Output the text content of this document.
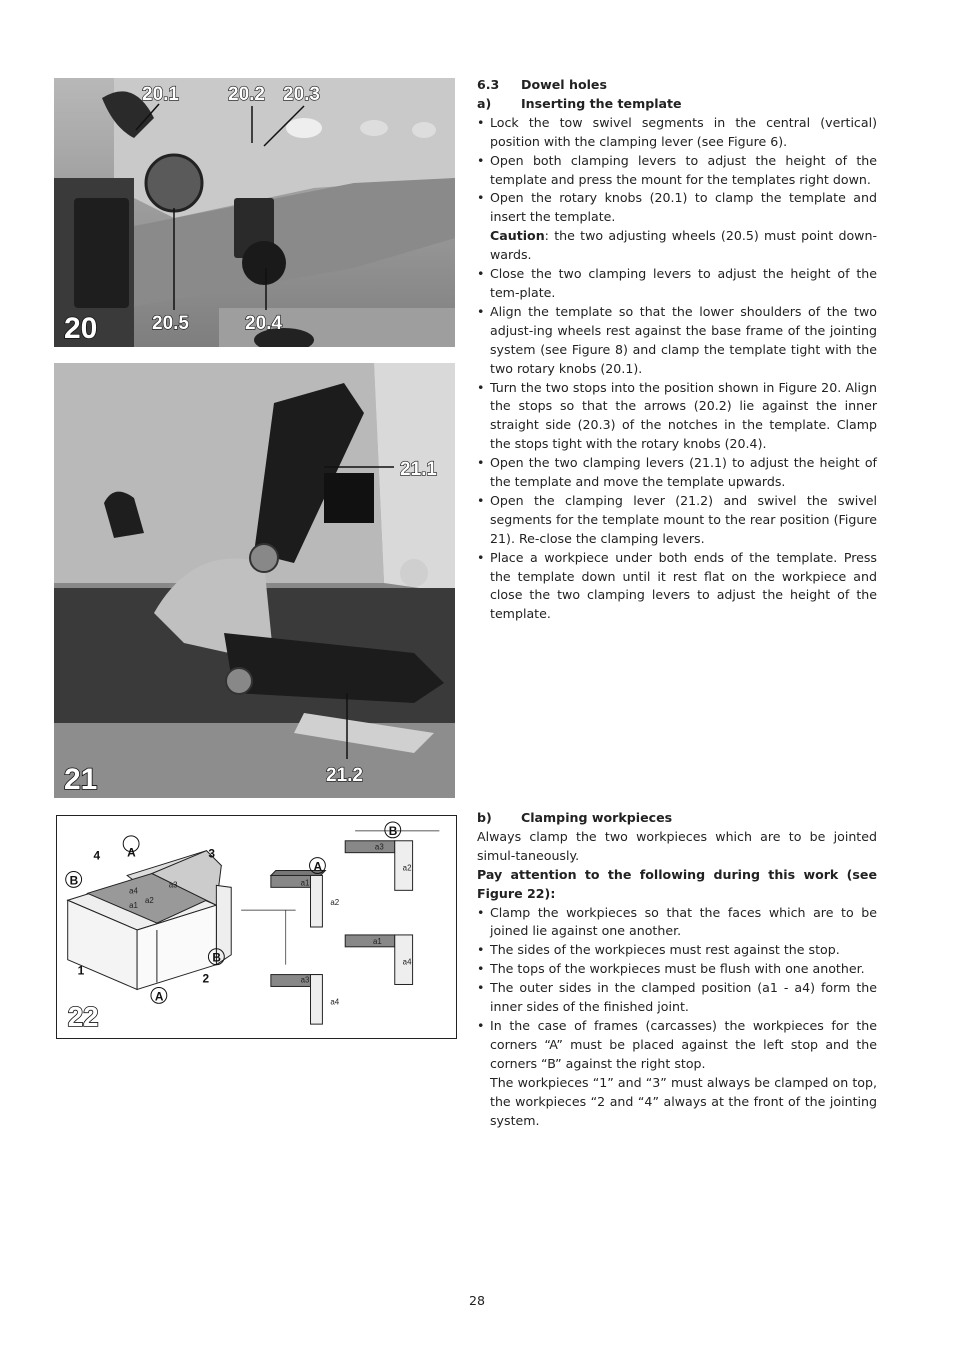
20.1	20.2 20.3
20.5	20.4
20
21.1
21.2
21
A
4	3
B
1
2
B
A
a4
a3
a2
a1
B
A
a3
a2
a1
a2
a1
a4
a3
a4
22
6.3	Dowel holes
a)	Inserting the template
• Lock the tow swivel segments in the central (vertical) position with the clamping lever (see Figure 6).
• Open both clamping levers to adjust the height of the template and press the mount for the templates right down.
• Open the rotary knobs (20.1) to clamp the template and insert the template.
Caution: the two adjusting wheels (20.5) must point down-wards.
• Close the two clamping levers to adjust the height of the tem-plate.
• Align the template so that the lower shoulders of the two adjust-ing wheels rest against the base frame of the jointing system (see Figure 8) and clamp the template tight with the two rotary knobs (20.1).
• Turn the two stops into the position shown in Figure 20. Align the stops so that the arrows (20.2) lie against the inner straight side (20.3) of the notches in the template. Clamp the stops tight with the rotary knobs (20.4).
• Open the two clamping levers (21.1) to adjust the height of the template and move the template upwards.
• Open the clamping lever (21.2) and swivel the swivel segments for the template mount to the rear position (Figure 21). Re-close the clamping levers.
• Place a workpiece under both ends of the template. Press the template down until it rest flat on the workpiece and close the two clamping levers to adjust the height of the template.
b)	Clamping workpieces

Always clamp the two workpieces which are to be jointed simul-taneously.

Pay attention to the following during this work (see Figure 22):

• Clamp the workpieces so that the faces which are to be joined lie against one another.
• The sides of the workpieces must rest against the stop.
• The tops of the workpieces must be flush with one another.
• The outer sides in the clamped position (a1 - a4) form the inner sides of the finished joint.
• In the case of frames (carcasses) the workpieces for the corners “A” must be placed against the left stop and the corners “B” against the right stop.
The workpieces “1” and “3” must always be clamped on top, the workpieces “2 and “4” always at the front of the jointing system.
28
